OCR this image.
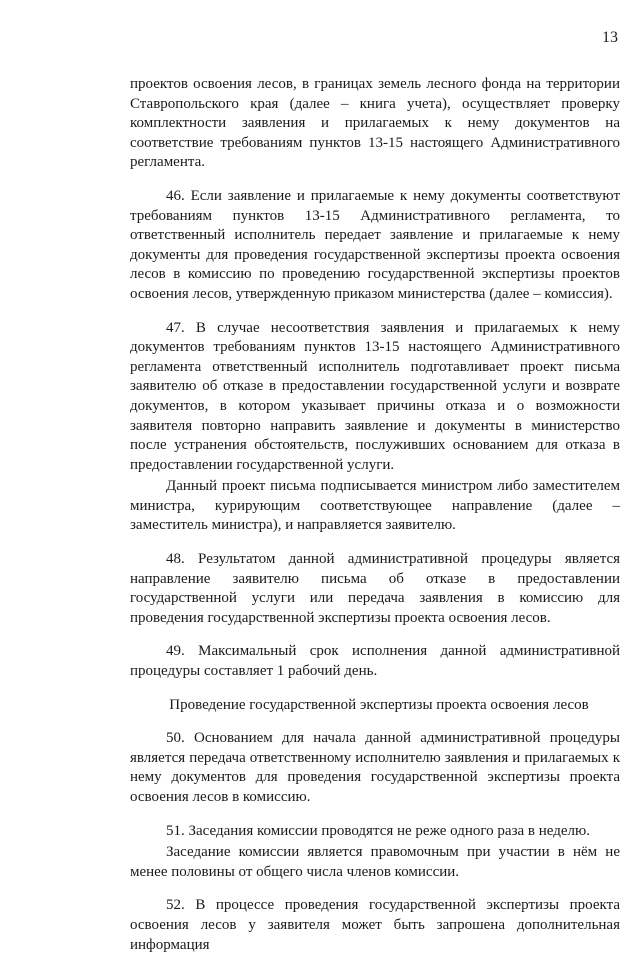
13

проектов освоения лесов, в границах земель лесного фонда на территории Ставропольского края (далее – книга учета), осуществляет проверку комплектности заявления и прилагаемых к нему документов на соответствие требованиям пунктов 13-15 настоящего Административного регламента.

46. Если заявление и прилагаемые к нему документы соответствуют требованиям пунктов 13-15 Административного регламента, то ответственный исполнитель передает заявление и прилагаемые к нему документы для проведения государственной экспертизы проекта освоения лесов в комиссию по проведению государственной экспертизы проектов освоения лесов, утвержденную приказом министерства (далее – комиссия).

47. В случае несоответствия заявления и прилагаемых к нему документов требованиям пунктов 13-15 настоящего Административного регламента ответственный исполнитель подготавливает проект письма заявителю об отказе в предоставлении государственной услуги и возврате документов, в котором указывает причины отказа и о возможности заявителя повторно направить заявление и документы в министерство после устранения обстоятельств, послуживших основанием для отказа в предоставлении государственной услуги.

Данный проект письма подписывается министром либо заместителем министра, курирующим соответствующее направление (далее – заместитель министра), и направляется заявителю.

48. Результатом данной административной процедуры является направление заявителю письма об отказе в предоставлении государственной услуги или передача заявления в комиссию для проведения государственной экспертизы проекта освоения лесов.

49. Максимальный срок исполнения данной административной процедуры составляет 1 рабочий день.

Проведение государственной экспертизы проекта освоения лесов

50. Основанием для начала данной административной процедуры является передача ответственному исполнителю заявления и прилагаемых к нему документов для проведения государственной экспертизы проекта освоения лесов в комиссию.

51. Заседания комиссии проводятся не реже одного раза в неделю.

Заседание комиссии является правомочным при участии в нём не менее половины от общего числа членов комиссии.

52. В процессе проведения государственной экспертизы проекта освоения лесов у заявителя может быть запрошена дополнительная информация
